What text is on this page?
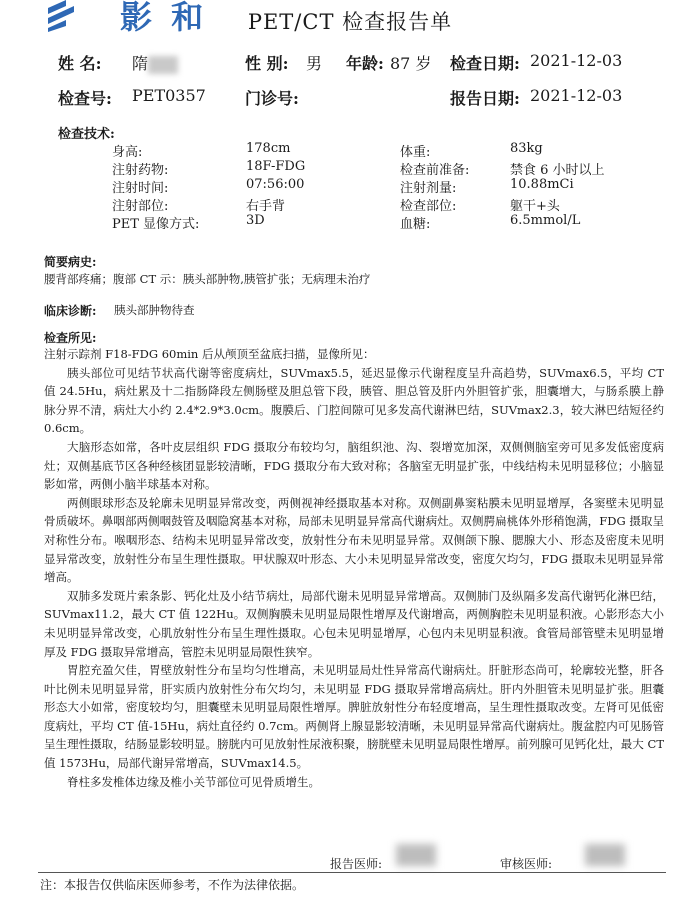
影 和	PET/CT 检查报告单
姓 名: 隋	性 别: 男 年龄: 87 岁 检查日期: 2021-12-03
检查号: PET0357 门诊号:	报告日期: 2021-12-03
检查技术:
身高:	178cm	体重:	83kg
注射药物:	18F-FDG	检查前准备:	禁食 6 小时以上
注射时间:	07:56:00	注射剂量:	10.88mCi
注射部位:	右手背	检查部位:	躯干+头
PET 显像方式:	3D	血糖:	6.5mmol/L
简要病史:
腰背部疼痛；腹部 CT 示：胰头部肿物,胰管扩张；无病理未治疗
临床诊断: 胰头部肿物待查
检查所见:

注射示踪剂 F18-FDG 60min 后从颅顶至盆底扫描，显像所见：

胰头部位可见结节状高代谢等密度病灶，SUVmax5.5，延迟显像示代谢程度呈升高趋势，SUVmax6.5，平均 CT 值 24.5Hu，病灶累及十二指肠降段左侧肠壁及胆总管下段，胰管、胆总管及肝内外胆管扩张，胆囊增大，与肠系膜上静脉分界不清，病灶大小约 2.4*2.9*3.0cm。腹膜后、门腔间隙可见多发高代谢淋巴结，SUVmax2.3，较大淋巴结短径约 0.6cm。

大脑形态如常，各叶皮层组织 FDG 摄取分布较均匀，脑组织池、沟、裂增宽加深，双侧侧脑室旁可见多发低密度病灶；双侧基底节区各种经核团显影较清晰，FDG 摄取分布大致对称；各脑室无明显扩张，中线结构未见明显移位；小脑显影如常，两侧小脑半球基本对称。

两侧眼球形态及轮廓未见明显异常改变，两侧视神经摄取基本对称。双侧副鼻窦粘膜未见明显增厚，各窦壁未见明显骨质破坏。鼻咽部两侧咽鼓管及咽隐窝基本对称，局部未见明显异常高代谢病灶。双侧腭扁桃体外形稍饱满，FDG 摄取呈对称性分布。喉咽形态、结构未见明显异常改变，放射性分布未见明显异常。双侧颌下腺、腮腺大小、形态及密度未见明显异常改变，放射性分布呈生理性摄取。甲状腺双叶形态、大小未见明显异常改变，密度欠均匀，FDG 摄取未见明显异常增高。

双肺多发斑片索条影、钙化灶及小结节病灶，局部代谢未见明显异常增高。双侧肺门及纵隔多发高代谢钙化淋巴结，SUVmax11.2，最大 CT 值 122Hu。双侧胸膜未见明显局限性增厚及代谢增高，两侧胸腔未见明显积液。心影形态大小未见明显异常改变，心肌放射性分布呈生理性摄取。心包未见明显增厚，心包内未见明显积液。食管局部管壁未见明显增厚及 FDG 摄取异常增高，管腔未见明显局限性狭窄。

胃腔充盈欠佳，胃壁放射性分布呈均匀性增高，未见明显局灶性异常高代谢病灶。肝脏形态尚可，轮廓较光整，肝各叶比例未见明显异常，肝实质内放射性分布欠均匀，未见明显 FDG 摄取异常增高病灶。肝内外胆管未见明显扩张。胆囊形态大小如常，密度较均匀，胆囊壁未见明显局限性增厚。脾脏放射性分布轻度增高，呈生理性摄取改变。左肾可见低密度病灶，平均 CT 值-15Hu，病灶直径约 0.7cm。两侧肾上腺显影较清晰，未见明显异常高代谢病灶。腹盆腔内可见肠管呈生理性摄取，结肠显影较明显。膀胱内可见放射性尿液积聚，膀胱壁未见明显局限性增厚。前列腺可见钙化灶，最大 CT 值 1573Hu，局部代谢异常增高，SUVmax14.5。

脊柱多发椎体边缘及椎小关节部位可见骨质增生。

报告医师:	审核医师:
注：本报告仅供临床医师参考，不作为法律依据。
